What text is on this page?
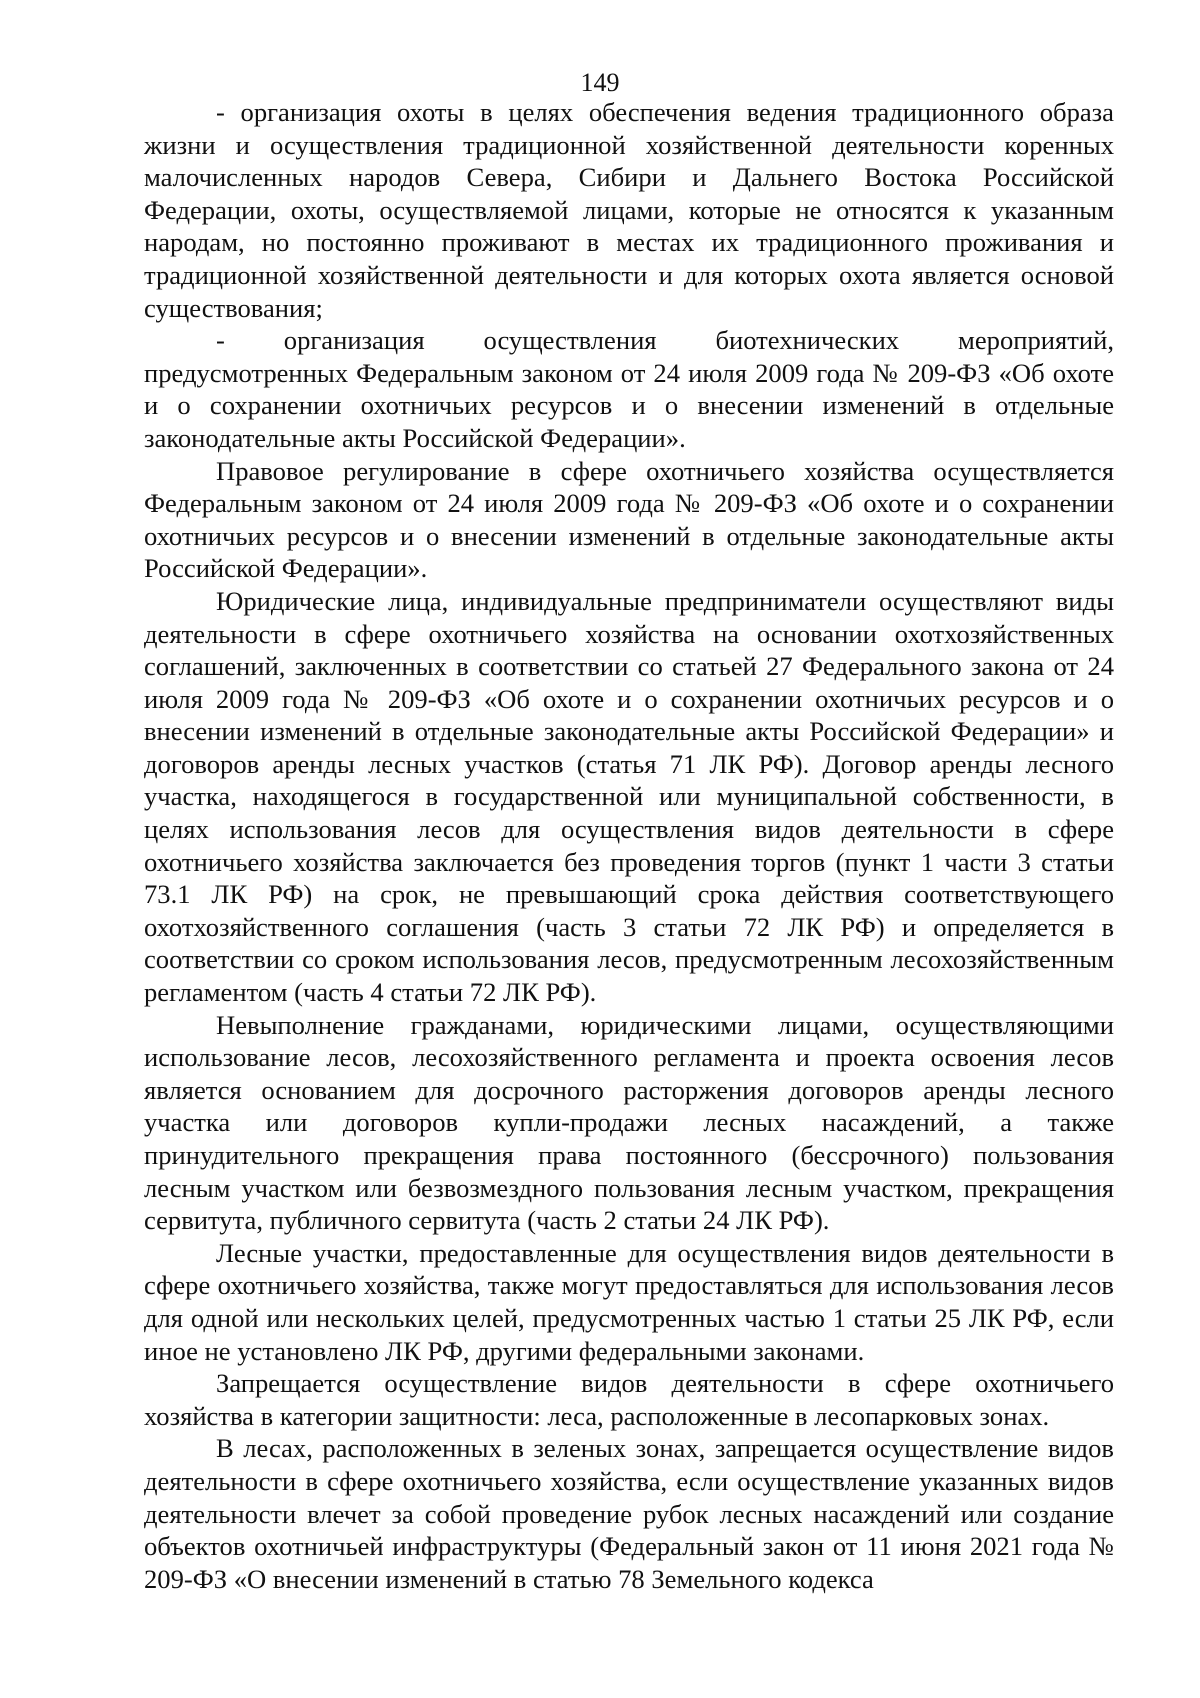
149

- организация охоты в целях обеспечения ведения традиционного образа жизни и осуществления традиционной хозяйственной деятельности коренных малочисленных народов Севера, Сибири и Дальнего Востока Российской Федерации, охоты, осуществляемой лицами, которые не относятся к указанным народам, но постоянно проживают в местах их традиционного проживания и традиционной хозяйственной деятельности и для которых охота является основой существования;

- организация осуществления биотехнических мероприятий, предусмотренных Федеральным законом от 24 июля 2009 года № 209-ФЗ «Об охоте и о сохранении охотничьих ресурсов и о внесении изменений в отдельные законодательные акты Российской Федерации».

Правовое регулирование в сфере охотничьего хозяйства осуществляется Федеральным законом от 24 июля 2009 года № 209-ФЗ «Об охоте и о сохранении охотничьих ресурсов и о внесении изменений в отдельные законодательные акты Российской Федерации».

Юридические лица, индивидуальные предприниматели осуществляют виды деятельности в сфере охотничьего хозяйства на основании охотхозяйственных соглашений, заключенных в соответствии со статьей 27 Федерального закона от 24 июля 2009 года № 209-ФЗ «Об охоте и о сохранении охотничьих ресурсов и о внесении изменений в отдельные законодательные акты Российской Федерации» и договоров аренды лесных участков (статья 71 ЛК РФ). Договор аренды лесного участка, находящегося в государственной или муниципальной собственности, в целях использования лесов для осуществления видов деятельности в сфере охотничьего хозяйства заключается без проведения торгов (пункт 1 части 3 статьи 73.1 ЛК РФ) на срок, не превышающий срока действия соответствующего охотхозяйственного соглашения (часть 3 статьи 72 ЛК РФ) и определяется в соответствии со сроком использования лесов, предусмотренным лесохозяйственным регламентом (часть 4 статьи 72 ЛК РФ).

Невыполнение гражданами, юридическими лицами, осуществляющими использование лесов, лесохозяйственного регламента и проекта освоения лесов является основанием для досрочного расторжения договоров аренды лесного участка или договоров купли-продажи лесных насаждений, а также принудительного прекращения права постоянного (бессрочного) пользования лесным участком или безвозмездного пользования лесным участком, прекращения сервитута, публичного сервитута (часть 2 статьи 24 ЛК РФ).

Лесные участки, предоставленные для осуществления видов деятельности в сфере охотничьего хозяйства, также могут предоставляться для использования лесов для одной или нескольких целей, предусмотренных частью 1 статьи 25 ЛК РФ, если иное не установлено ЛК РФ, другими федеральными законами.

Запрещается осуществление видов деятельности в сфере охотничьего хозяйства в категории защитности: леса, расположенные в лесопарковых зонах.

В лесах, расположенных в зеленых зонах, запрещается осуществление видов деятельности в сфере охотничьего хозяйства, если осуществление указанных видов деятельности влечет за собой проведение рубок лесных насаждений или создание объектов охотничьей инфраструктуры (Федеральный закон от 11 июня 2021 года № 209-ФЗ «О внесении изменений в статью 78 Земельного кодекса
